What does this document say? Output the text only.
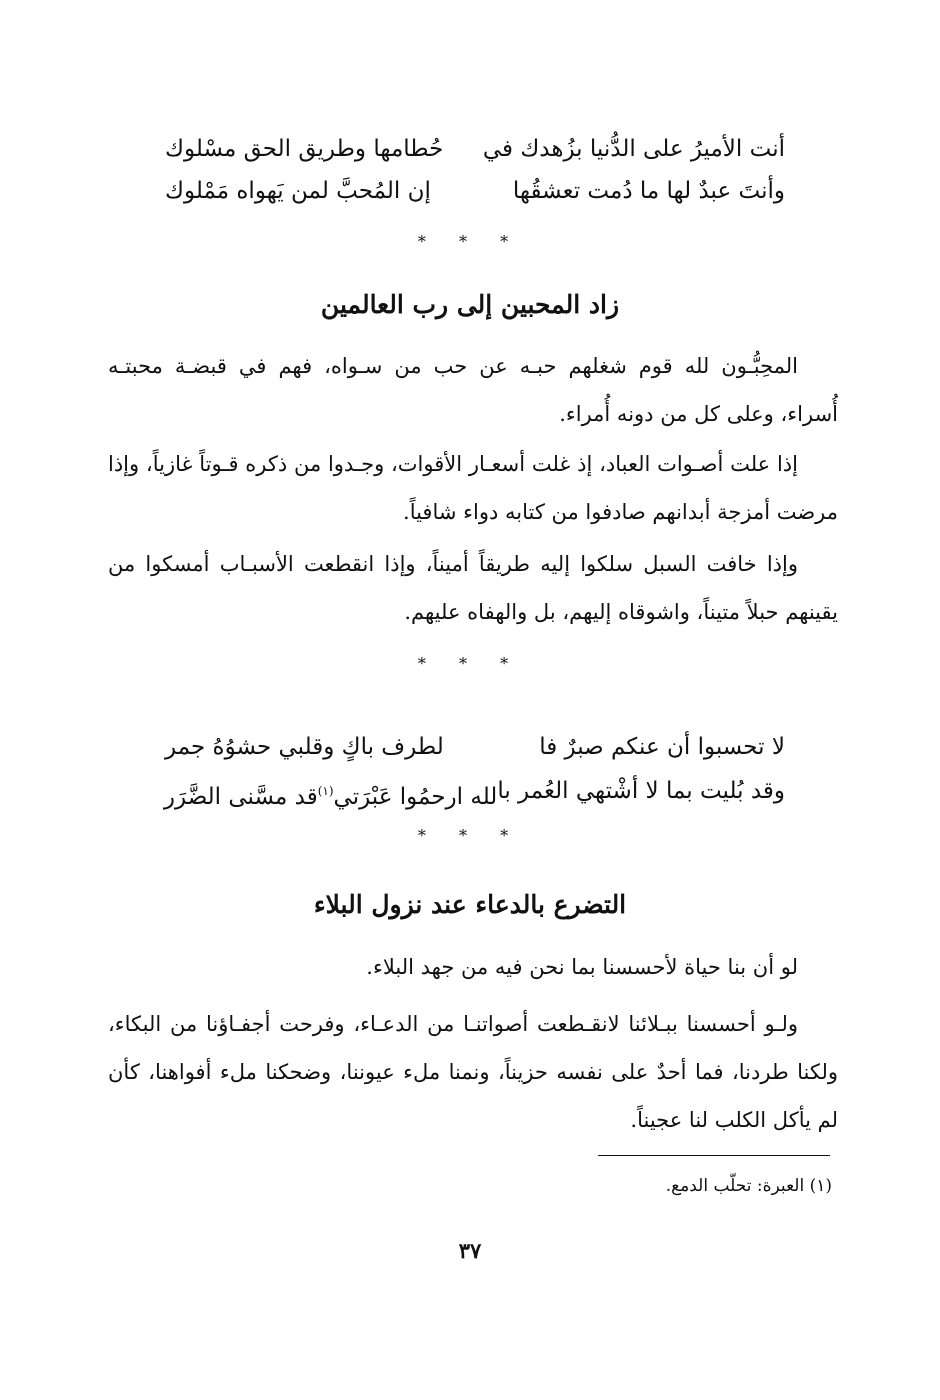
أنت الأميرُ على الدُّنيا بزُهدك في
حُطامها وطريق الحق مسْلوك
وأنتَ عبدٌ لها ما دُمت تعشقُها
إن المُحبَّ لمن يَهواه مَمْلوك
* * *
زاد المحبين إلى رب العالمين
المحِبُّـون لله قوم شغلهم حبـه عن حب من سـواه، فهم في قبضـة محبتـه أُسراء، وعلى كل من دونه أُمراء.
إذا علت أصـوات العباد، إذ غلت أسعـار الأقوات، وجـدوا من ذكره قـوتاً غازياً، وإذا مرضت أمزجة أبدانهم صادفوا من كتابه دواء شافياً.
وإذا خافت السبل سلكوا إليه طريقاً أميناً، وإذا انقطعت الأسبـاب أمسكوا من يقينهم حبلاً متيناً، واشوقاه إليهم، بل والهفاه عليهم.
* * *
لا تحسبوا أن عنكم صبرٌ فا
لطرف باكٍ وقلبي حشوُهُ جمر
وقد بُليت بما لا أشْتهي العُمر با
لله ارحمُوا عَبْرَتي$^{(١)}$قد مسَّنى الضَّرَر
* * *
التضرع بالدعاء عند نزول البلاء
لو أن بنا حياة لأحسسنا بما نحن فيه من جهد البلاء.
ولـو أحسسنا ببـلائنا لانقـطعت أصواتنـا من الدعـاء، وفرحت أجفـاؤنا من البكاء، ولكنا طردنا، فما أحدٌ على نفسه حزيناً، ونمنا ملء عيوننا، وضحكنا ملء أفواهنا، كأن لم يأكل الكلب لنا عجيناً.
(١) العبرة: تحلّب الدمع.
٣٧
